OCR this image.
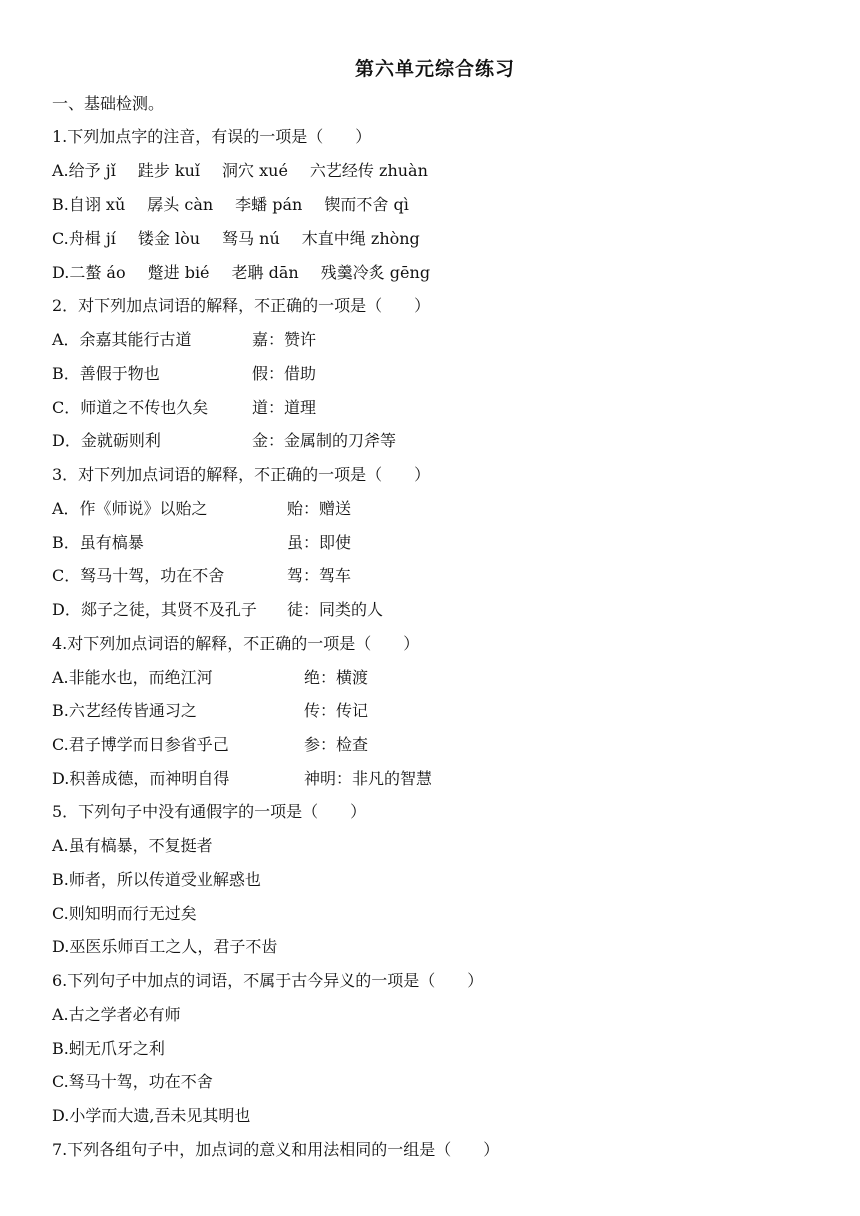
第六单元综合练习
一、基础检测。
1.下列加点字的注音，有误的一项是（　　）
A.给予 jǐ 跬步 kuǐ 洞穴 xué 六艺经传 zhuàn
B.自诩 xǔ 孱头 càn 李蟠 pán 锲而不舍 qì
C.舟楫 jí 镂金 lòu 驽马 nú 木直中绳 zhòng
D.二螯 áo 蹩进 bié 老聃 dān 残羹冷炙 gēng
2．对下列加点词语的解释，不正确的一项是（　　）
A．余嘉其能行古道	嘉：赞许
B．善假于物也	假：借助
C．师道之不传也久矣	道：道理
D．金就砺则利	金：金属制的刀斧等
3．对下列加点词语的解释，不正确的一项是（　　）
A．作《师说》以贻之	贻：赠送
B．虽有槁暴	虽：即使
C．驽马十驾，功在不舍	驾：驾车
D．郯子之徒，其贤不及孔子 徒：同类的人
4.对下列加点词语的解释，不正确的一项是（　　）
A.非能水也，而绝江河	绝：横渡
B.六艺经传皆通习之	传：传记
C.君子博学而日参省乎己	参：检查
D.积善成德，而神明自得	神明：非凡的智慧
5．下列句子中没有通假字的一项是（　　）
A.虽有槁暴，不复挺者
B.师者，所以传道受业解惑也
C.则知明而行无过矣
D.巫医乐师百工之人，君子不齿
6.下列句子中加点的词语，不属于古今异义的一项是（　　）
A.古之学者必有师
B.蚓无爪牙之利
C.驽马十驾，功在不舍
D.小学而大遗,吾未见其明也
7.下列各组句子中，加点词的意义和用法相同的一组是（　　）
